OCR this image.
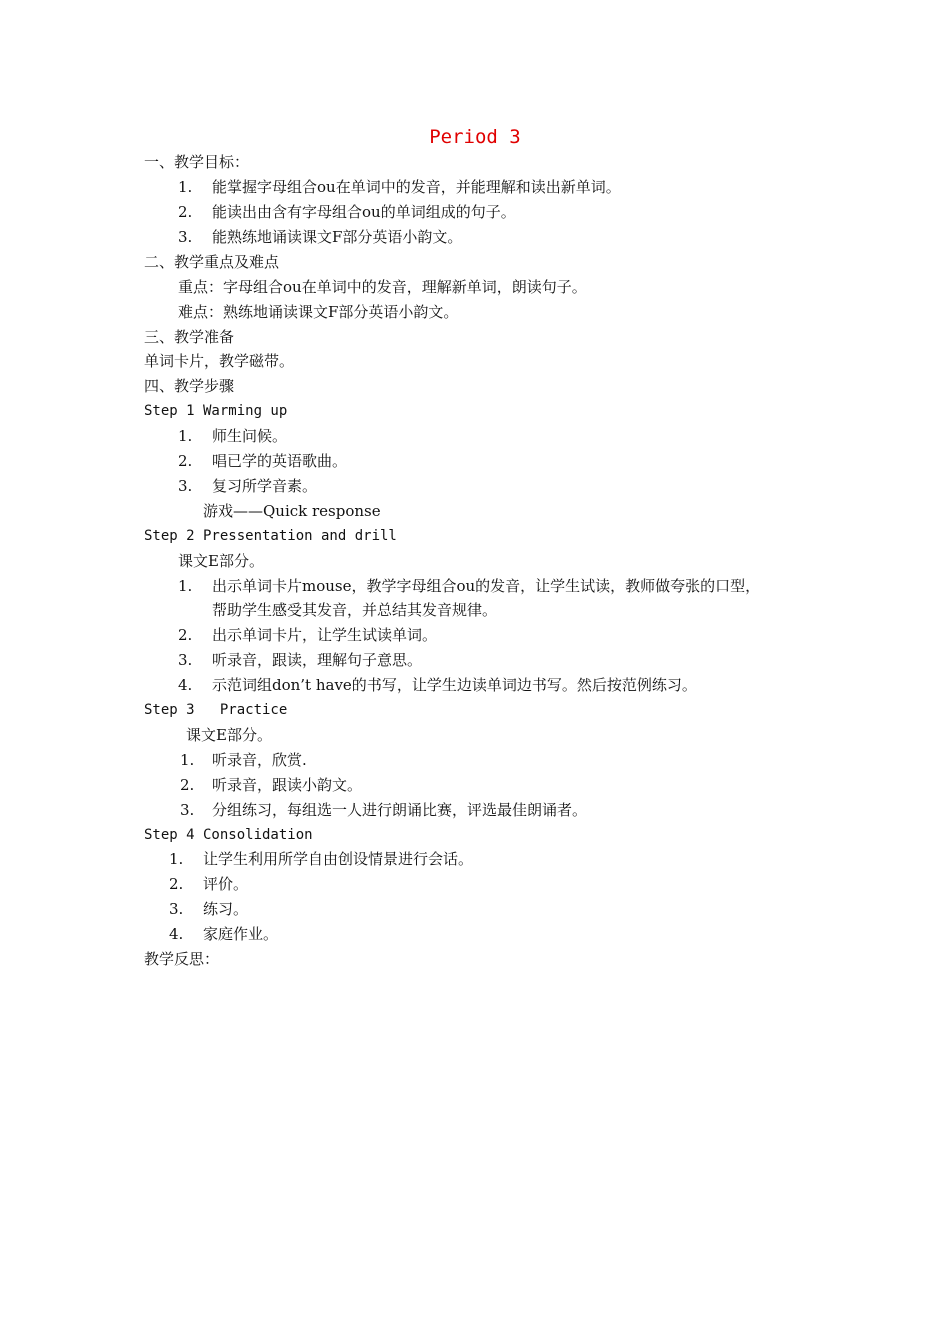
Period 3
一、教学目标：
1. 能掌握字母组合ou在单词中的发音，并能理解和读出新单词。
2. 能读出由含有字母组合ou的单词组成的句子。
3. 能熟练地诵读课文F部分英语小韵文。
二、教学重点及难点
重点：字母组合ou在单词中的发音，理解新单词，朗读句子。
难点：熟练地诵读课文F部分英语小韵文。
三、教学准备
单词卡片，教学磁带。
四、教学步骤
Step 1 Warming up
1. 师生问候。
2. 唱已学的英语歌曲。
3. 复习所学音素。
游戏——Quick response
Step 2 Pressentation and drill
课文E部分。
1. 出示单词卡片mouse，教学字母组合ou的发音，让学生试读，教师做夸张的口型，
帮助学生感受其发音，并总结其发音规律。
2. 出示单词卡片，让学生试读单词。
3. 听录音，跟读，理解句子意思。
4. 示范词组don’t have的书写，让学生边读单词边书写。然后按范例练习。
Step 3   Practice
课文E部分。
1. 听录音，欣赏.
2. 听录音，跟读小韵文。
3. 分组练习，每组选一人进行朗诵比赛，评选最佳朗诵者。
Step 4 Consolidation
1. 让学生利用所学自由创设情景进行会话。
2. 评价。
3. 练习。
4. 家庭作业。
教学反思：
